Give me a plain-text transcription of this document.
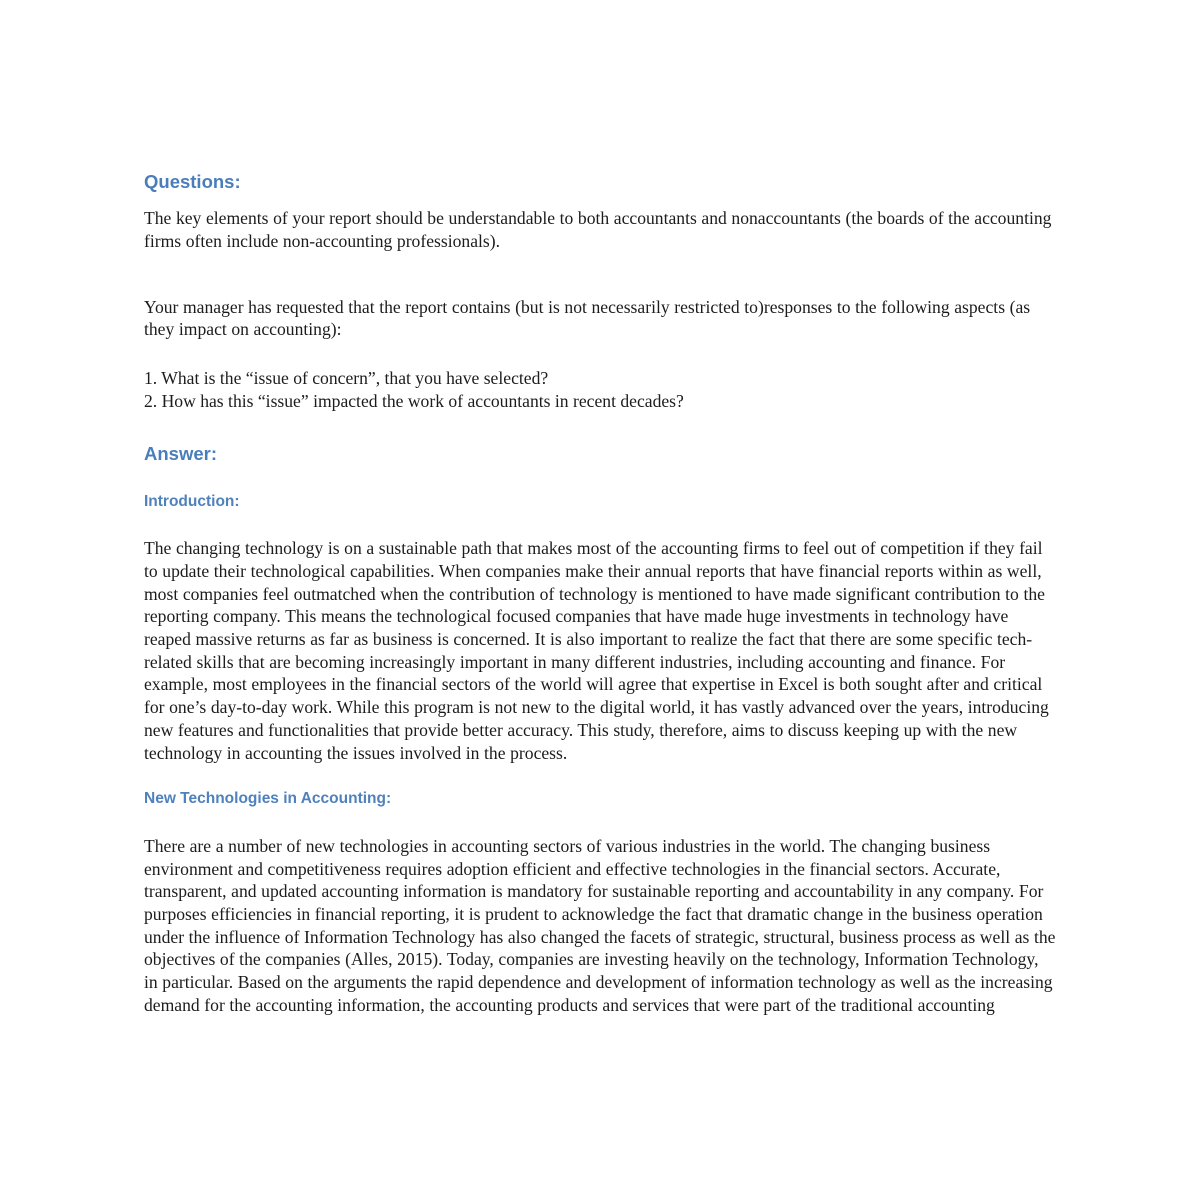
Questions:

The key elements of your report should be understandable to both accountants and nonaccountants (the boards of the accounting firms often include non-accounting professionals).

Your manager has requested that the report contains (but is not necessarily restricted to)responses to the following aspects (as they impact on accounting):

1. What is the “issue of concern”, that you have selected?
2. How has this “issue” impacted the work of accountants in recent decades?
Answer:
Introduction:

The changing technology is on a sustainable path that makes most of the accounting firms to feel out of competition if they fail to update their technological capabilities. When companies make their annual reports that have financial reports within as well, most companies feel outmatched when the contribution of technology is mentioned to have made significant contribution to the reporting company. This means the technological focused companies that have made huge investments in technology have reaped massive returns as far as business is concerned. It is also important to realize the fact that there are some specific tech-related skills that are becoming increasingly important in many different industries, including accounting and finance. For example, most employees in the financial sectors of the world will agree that expertise in Excel is both sought after and critical for one’s day-to-day work. While this program is not new to the digital world, it has vastly advanced over the years, introducing new features and functionalities that provide better accuracy. This study, therefore, aims to discuss keeping up with the new technology in accounting the issues involved in the process.

New Technologies in Accounting:

There are a number of new technologies in accounting sectors of various industries in the world. The changing business environment and competitiveness requires adoption efficient and effective technologies in the financial sectors. Accurate, transparent, and updated accounting information is mandatory for sustainable reporting and accountability in any company. For purposes efficiencies in financial reporting, it is prudent to acknowledge the fact that dramatic change in the business operation under the influence of Information Technology has also changed the facets of strategic, structural, business process as well as the objectives of the companies (Alles, 2015). Today, companies are investing heavily on the technology, Information Technology, in particular. Based on the arguments the rapid dependence and development of information technology as well as the increasing demand for the accounting information, the accounting products and services that were part of the traditional accounting
